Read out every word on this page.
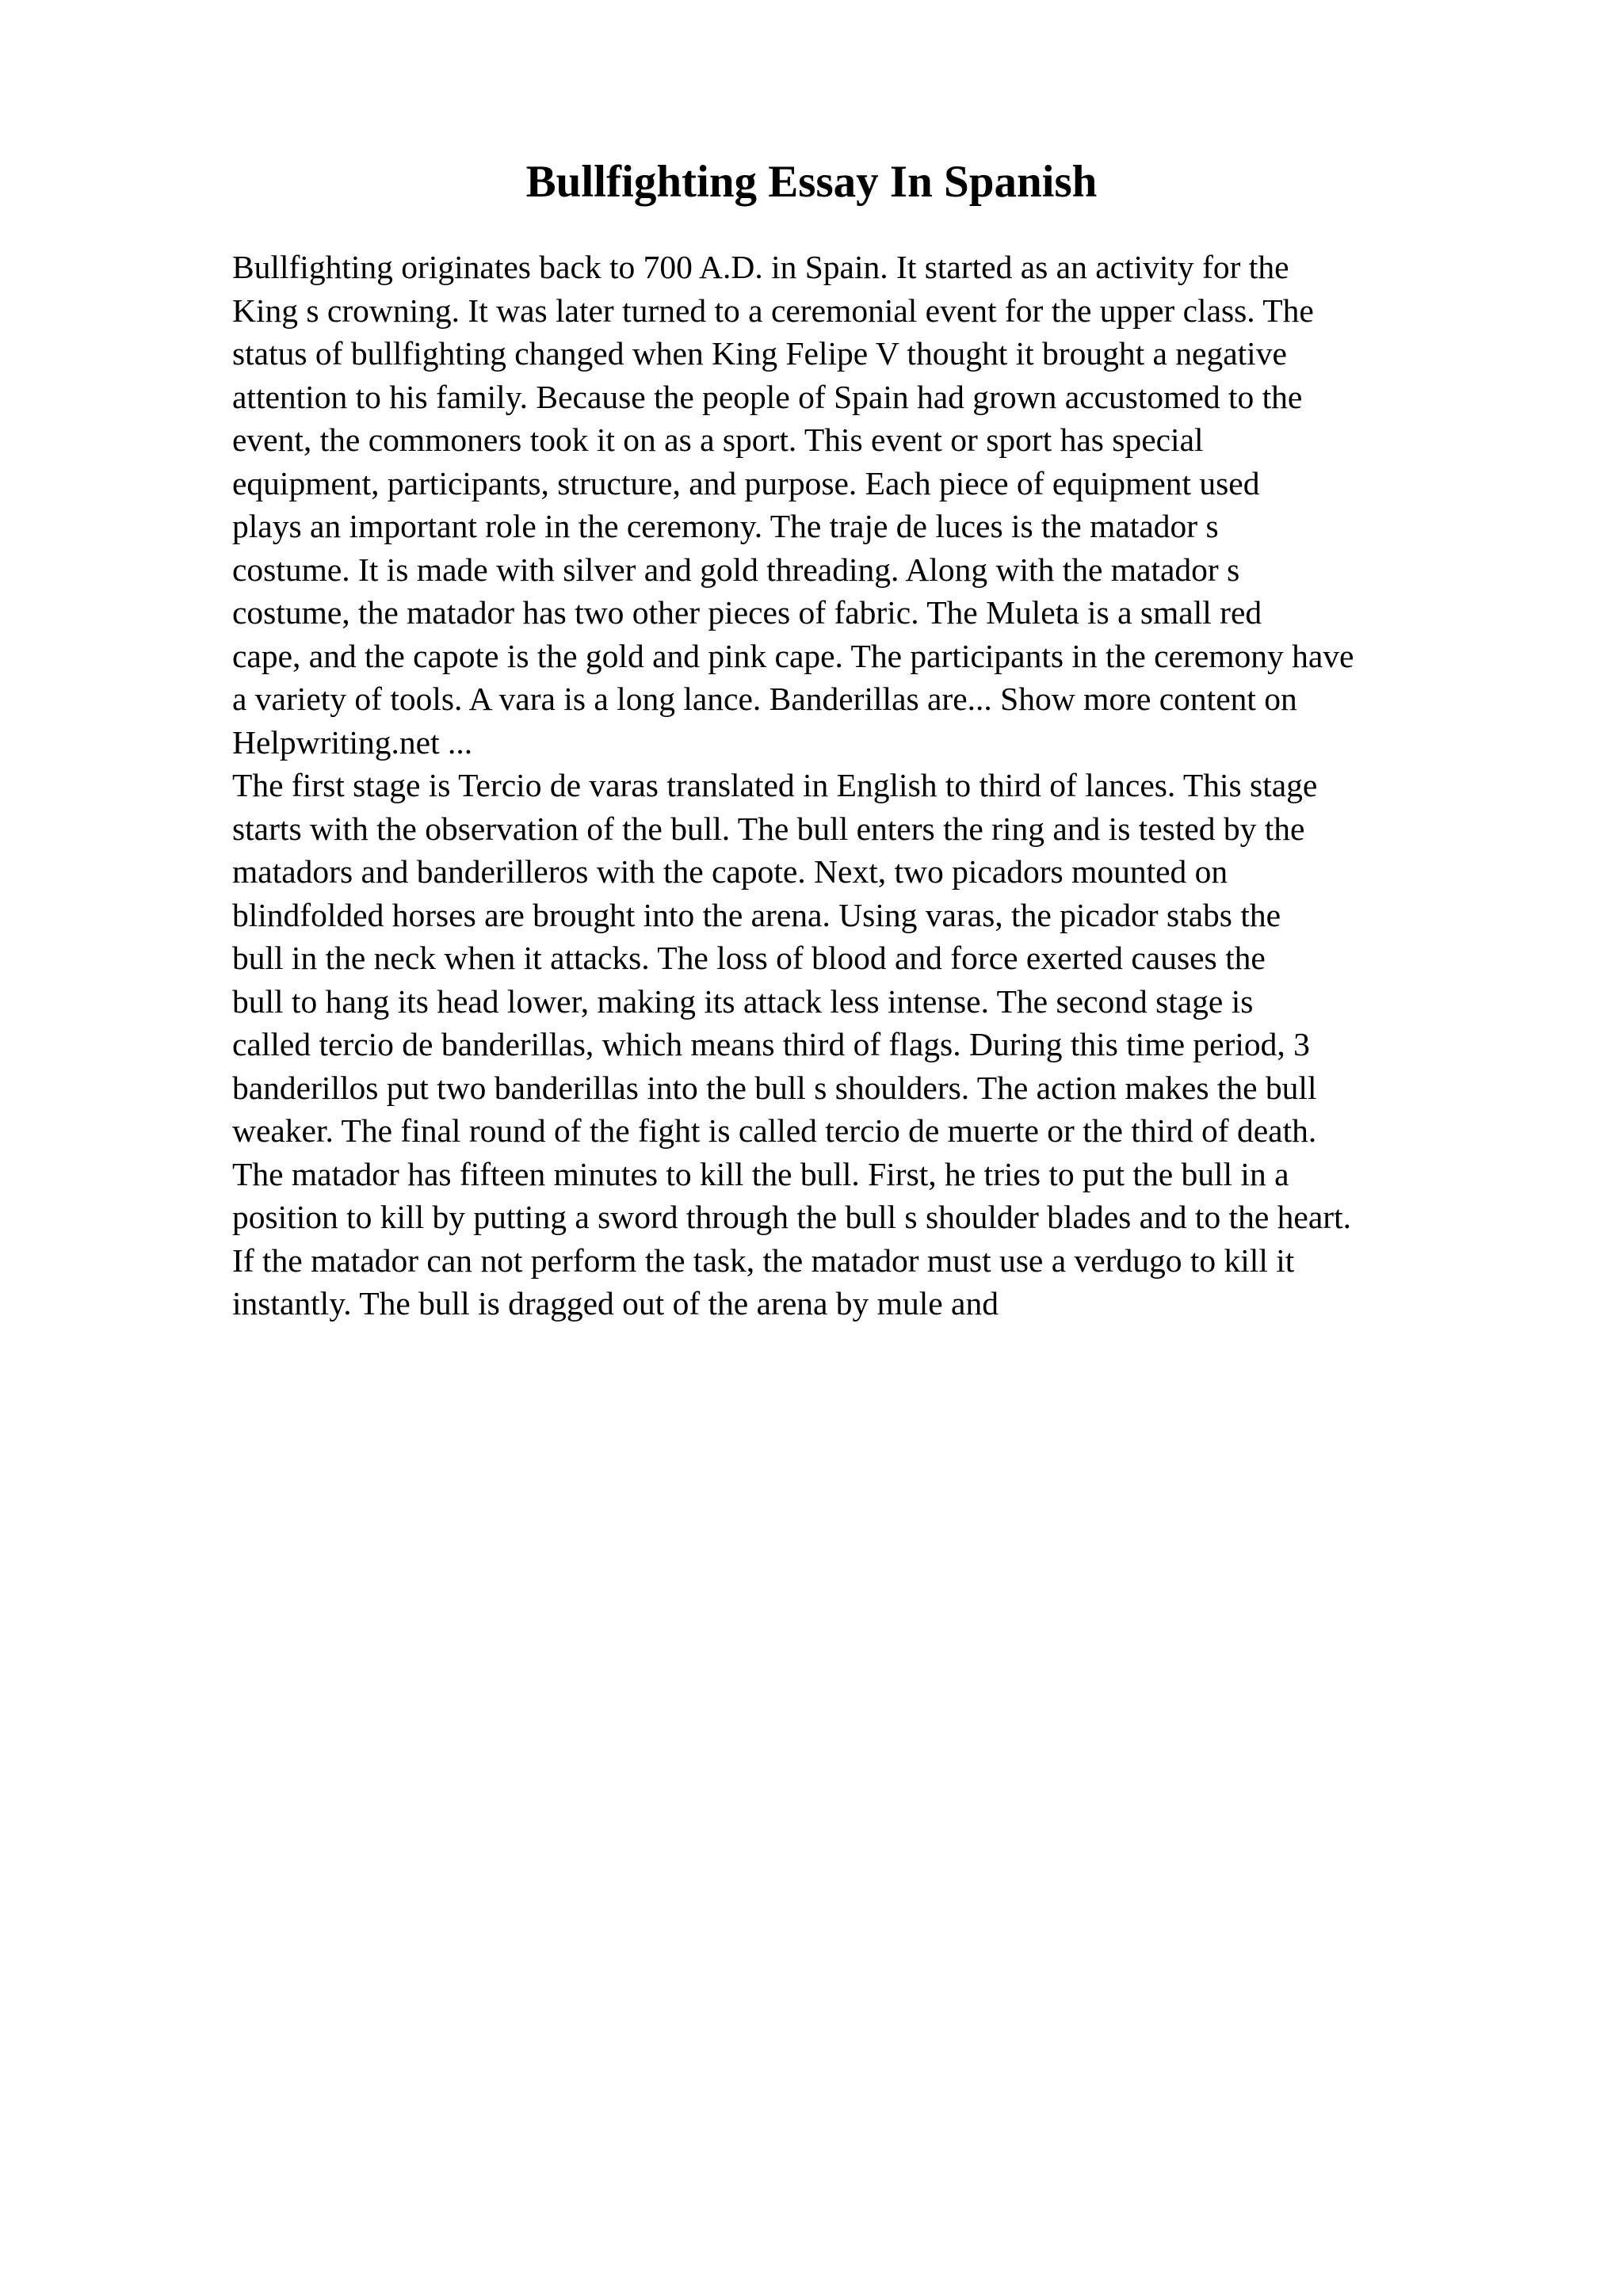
Bullfighting Essay In Spanish
Bullfighting originates back to 700 A.D. in Spain. It started as an activity for the
King s crowning. It was later turned to a ceremonial event for the upper class. The
status of bullfighting changed when King Felipe V thought it brought a negative
attention to his family. Because the people of Spain had grown accustomed to the
event, the commoners took it on as a sport. This event or sport has special
equipment, participants, structure, and purpose. Each piece of equipment used
plays an important role in the ceremony. The traje de luces is the matador s
costume. It is made with silver and gold threading. Along with the matador s
costume, the matador has two other pieces of fabric. The Muleta is a small red
cape, and the capote is the gold and pink cape. The participants in the ceremony have
a variety of tools. A vara is a long lance. Banderillas are... Show more content on
Helpwriting.net ...
The first stage is Tercio de varas translated in English to third of lances. This stage
starts with the observation of the bull. The bull enters the ring and is tested by the
matadors and banderilleros with the capote. Next, two picadors mounted on
blindfolded horses are brought into the arena. Using varas, the picador stabs the
bull in the neck when it attacks. The loss of blood and force exerted causes the
bull to hang its head lower, making its attack less intense. The second stage is
called tercio de banderillas, which means third of flags. During this time period, 3
banderillos put two banderillas into the bull s shoulders. The action makes the bull
weaker. The final round of the fight is called tercio de muerte or the third of death.
The matador has fifteen minutes to kill the bull. First, he tries to put the bull in a
position to kill by putting a sword through the bull s shoulder blades and to the heart.
If the matador can not perform the task, the matador must use a verdugo to kill it
instantly. The bull is dragged out of the arena by mule and
